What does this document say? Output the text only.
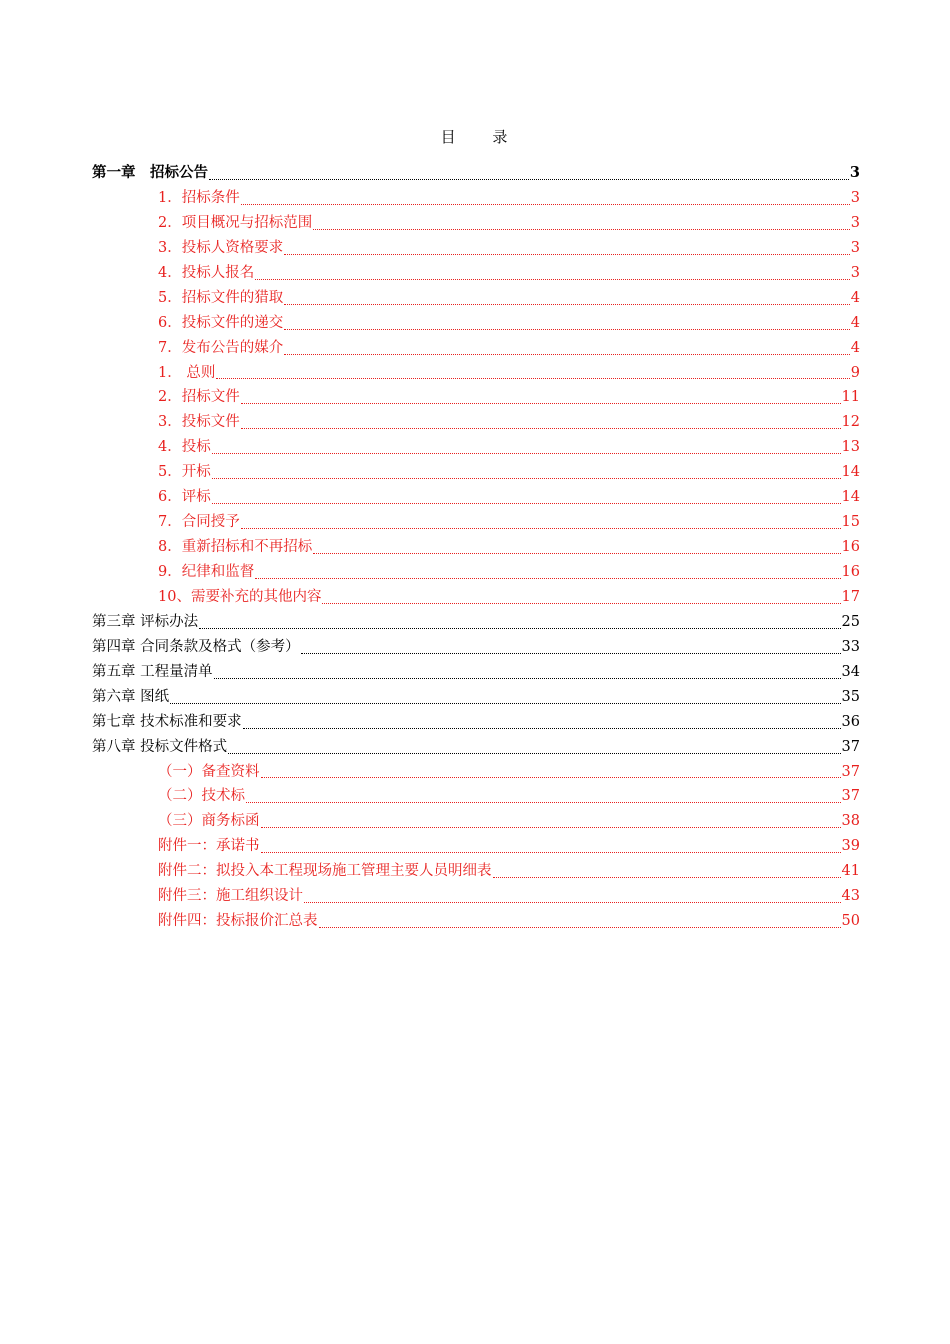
目 录
第一章　招标公告	3
1．招标条件	3
2．项目概况与招标范围	3
3．投标人资格要求	3
4．投标人报名	3
5．招标文件的猎取	4
6．投标文件的递交	4
7．发布公告的媒介	4
1． 总则	9
2．招标文件	11
3．投标文件	12
4．投标	13
5．开标	14
6．评标	14
7．合同授予	15
8．重新招标和不再招标	16
9．纪律和监督	16
10、需要补充的其他内容	17
第三章 评标办法	25
第四章 合同条款及格式（参考）	33
第五章 工程量清单	34
第六章 图纸	35
第七章 技术标准和要求	36
第八章 投标文件格式	37
（一）备查资料	37
（二）技术标	37
（三）商务标函	38
附件一：承诺书	39
附件二：拟投入本工程现场施工管理主要人员明细表	41
附件三：施工组织设计	43
附件四：投标报价汇总表	50
